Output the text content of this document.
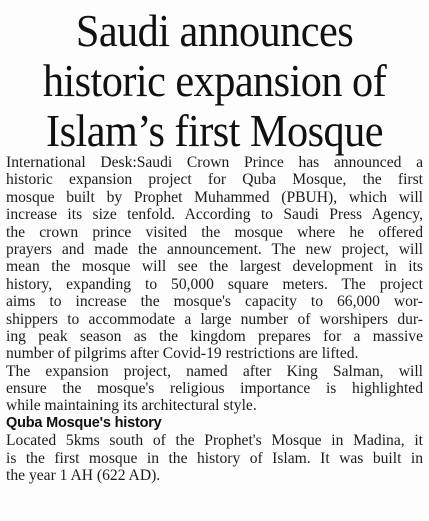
Saudi announces
historic expansion of
Islam’s first Mosque
International Desk:Saudi Crown Prince has announced a
historic expansion project for Quba Mosque, the first
mosque built by Prophet Muhammed (PBUH), which will
increase its size tenfold. According to Saudi Press Agency,
the crown prince visited the mosque where he offered
prayers and made the announcement. The new project, will
mean the mosque will see the largest development in its
history, expanding to 50,000 square meters. The project
aims to increase the mosque's capacity to 66,000 wor-
shippers to accommodate a large number of worshipers dur-
ing peak season as the kingdom prepares for a massive
number of pilgrims after Covid-19 restrictions are lifted.
The expansion project, named after King Salman, will
ensure the mosque's religious importance is highlighted
while maintaining its architectural style.
Quba Mosque's history
Located 5kms south of the Prophet's Mosque in Madina, it
is the first mosque in the history of Islam. It was built in
the year 1 AH (622 AD).
